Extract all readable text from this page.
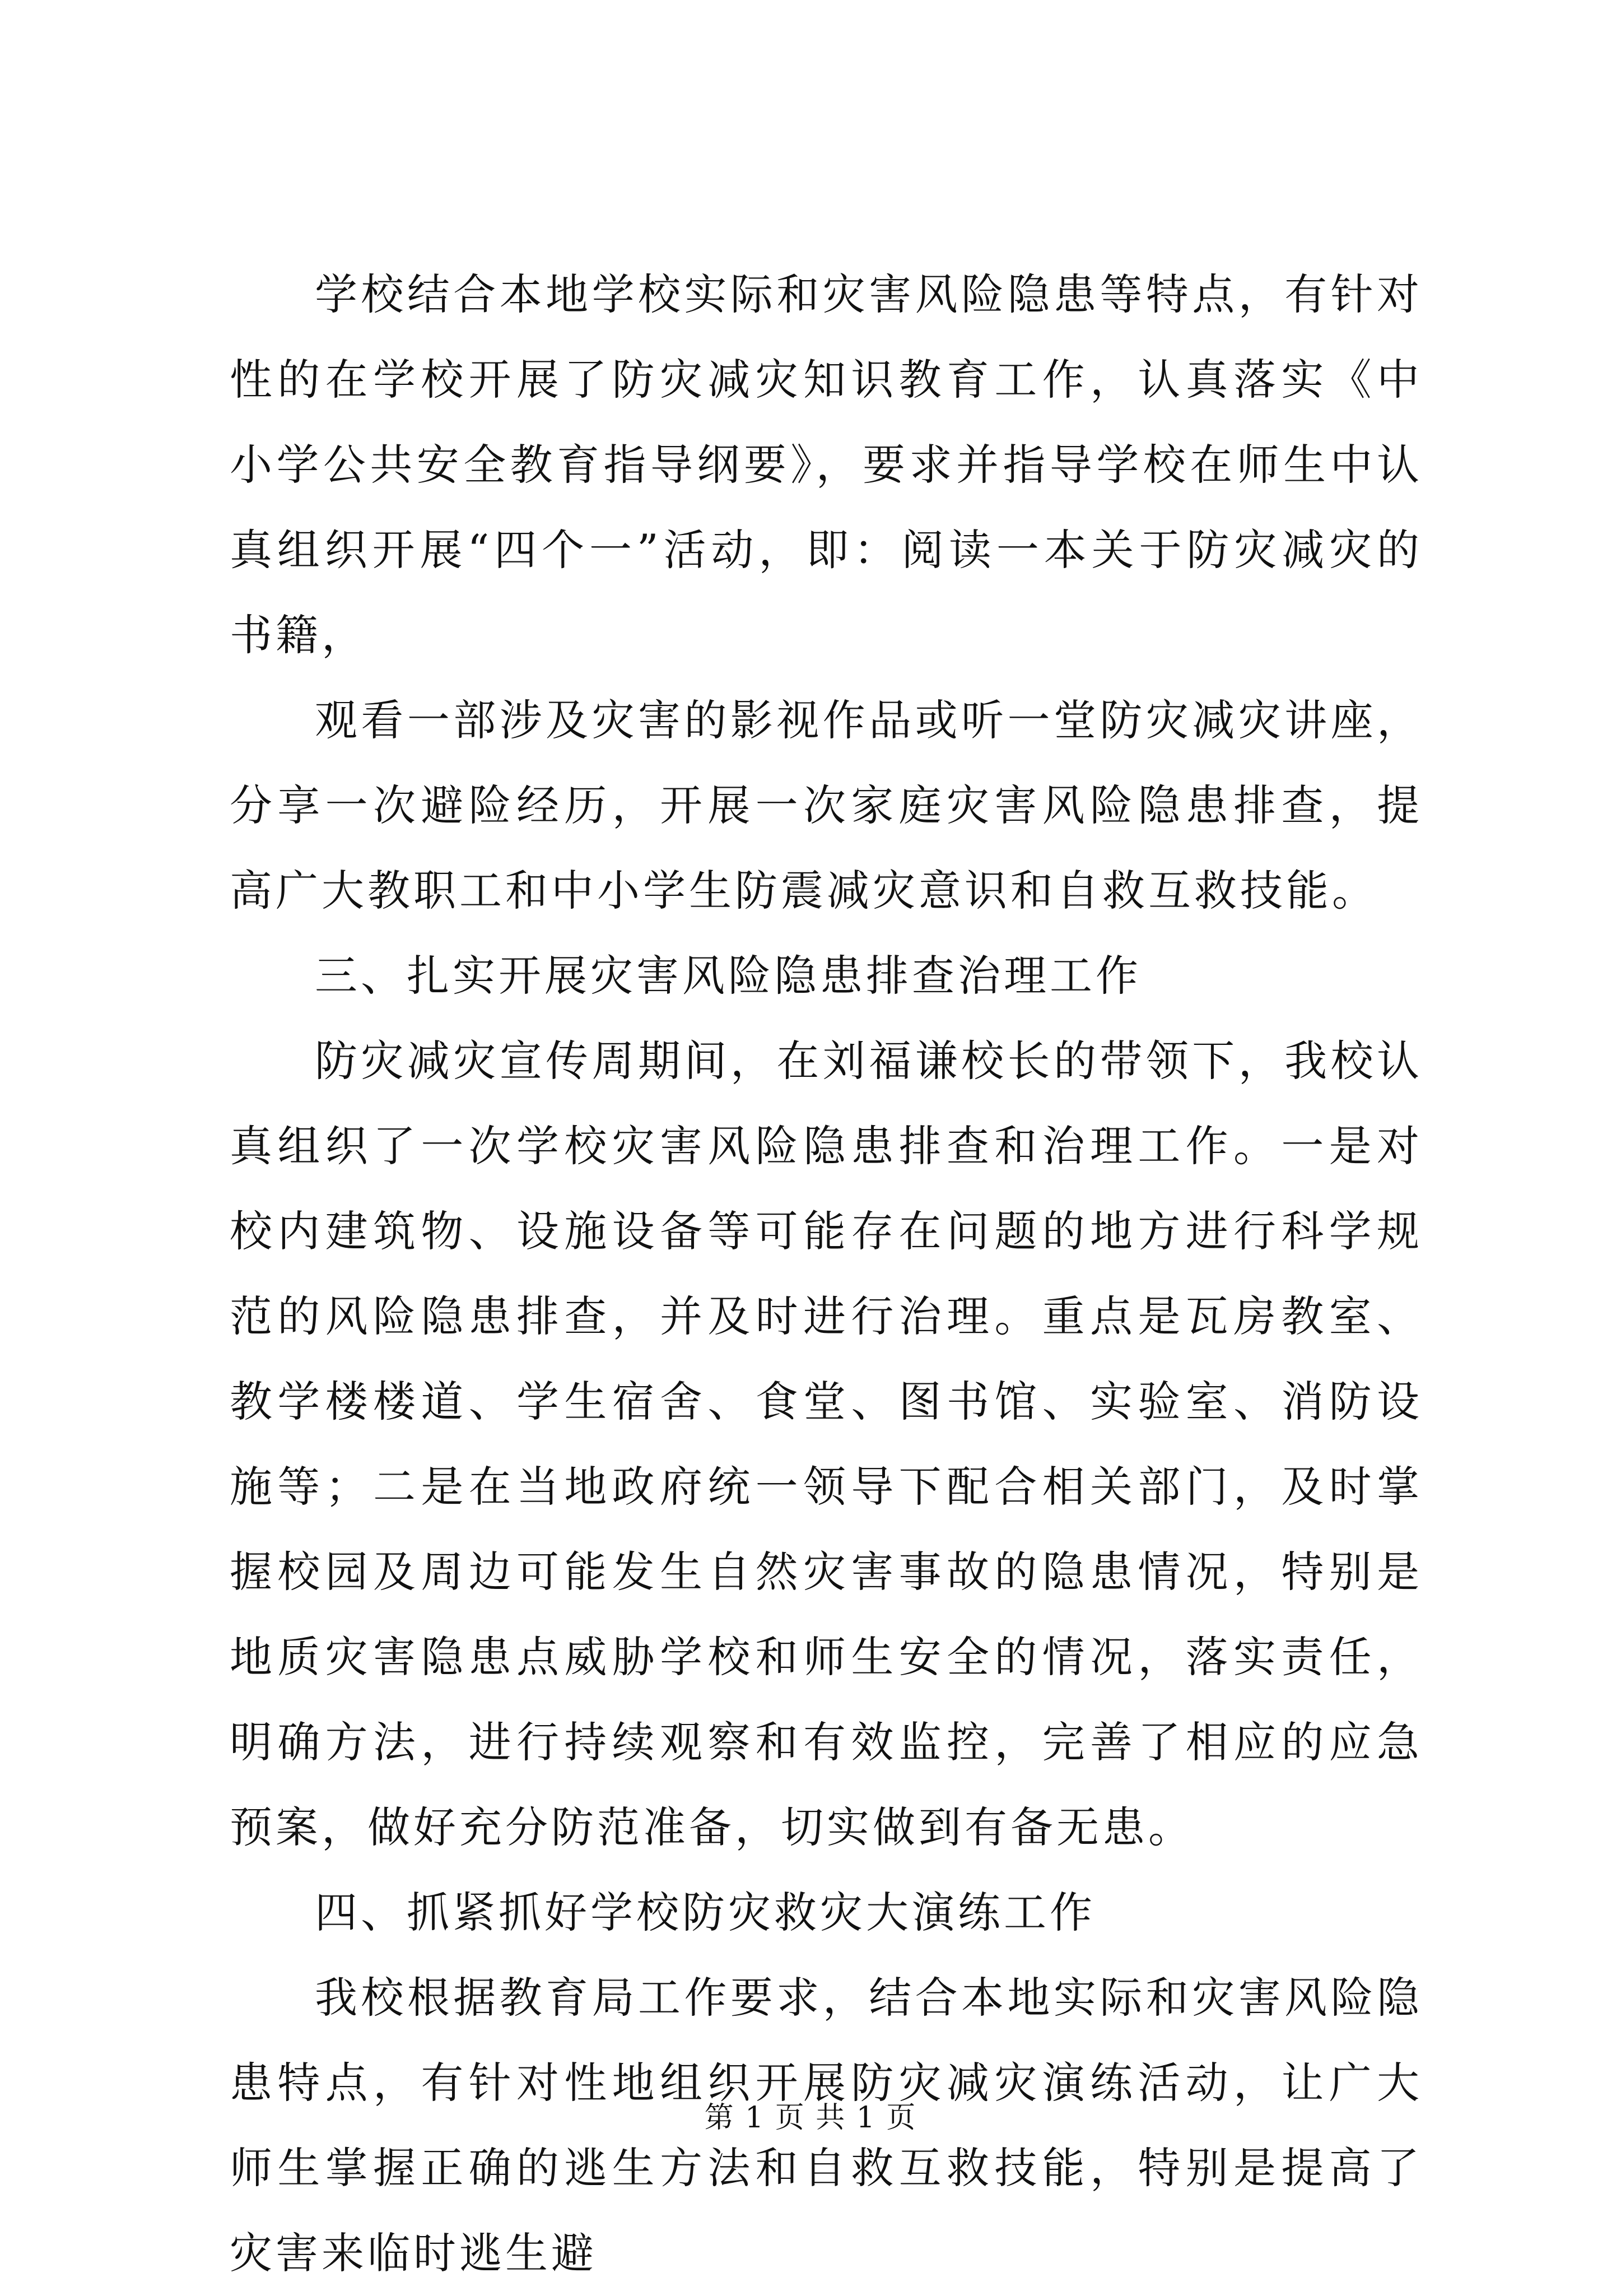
学校结合本地学校实际和灾害风险隐患等特点，有针对性的在学校开展了防灾减灾知识教育工作，认真落实《中小学公共安全教育指导纲要》，要求并指导学校在师生中认真组织开展“四个一”活动，即：阅读一本关于防灾减灾的书籍，

观看一部涉及灾害的影视作品或听一堂防灾减灾讲座，分享一次避险经历，开展一次家庭灾害风险隐患排查，提高广大教职工和中小学生防震减灾意识和自救互救技能。

三、扎实开展灾害风险隐患排查治理工作

防灾减灾宣传周期间，在刘福谦校长的带领下，我校认真组织了一次学校灾害风险隐患排查和治理工作。一是对校内建筑物、设施设备等可能存在问题的地方进行科学规范的风险隐患排查，并及时进行治理。重点是瓦房教室、教学楼楼道、学生宿舍、食堂、图书馆、实验室、消防设施等；二是在当地政府统一领导下配合相关部门，及时掌握校园及周边可能发生自然灾害事故的隐患情况，特别是地质灾害隐患点威胁学校和师生安全的情况，落实责任，明确方法，进行持续观察和有效监控，完善了相应的应急预案，做好充分防范准备，切实做到有备无患。

四、抓紧抓好学校防灾救灾大演练工作

我校根据教育局工作要求，结合本地实际和灾害风险隐患特点，有针对性地组织开展防灾减灾演练活动，让广大师生掌握正确的逃生方法和自救互救技能，特别是提高了灾害来临时逃生避

第 1 页 共 1 页
